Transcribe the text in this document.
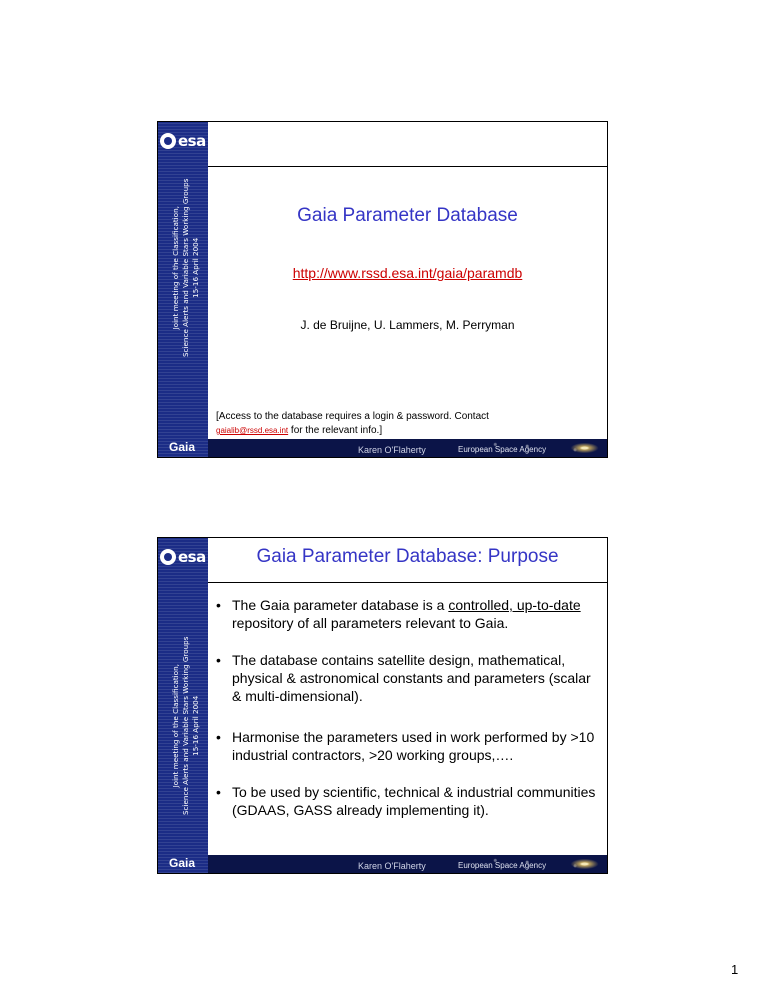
esa
Joint meeting of the Classification, Science Alerts and Variable Stars Working Groups 15-16 April 2004
Gaia
Gaia Parameter Database
http://www.rssd.esa.int/gaia/paramdb
J. de Bruijne, U. Lammers, M. Perryman
[Access to the database requires a login & password. Contact
gaialib@rssd.esa.int for the relevant info.]
Karen O'Flaherty	European Space Agency
esa
Joint meeting of the Classification, Science Alerts and Variable Stars Working Groups 15-16 April 2004
Gaia
Gaia Parameter Database: Purpose
• The Gaia parameter database is a controlled, up-to-date repository of all parameters relevant to Gaia.
• The database contains satellite design, mathematical, physical & astronomical constants and parameters (scalar & multi-dimensional).
• Harmonise the parameters used in work performed by >10 industrial contractors, >20 working groups,….
• To be used by scientific, technical & industrial communities (GDAAS, GASS already implementing it).
Karen O'Flaherty	European Space Agency
1
